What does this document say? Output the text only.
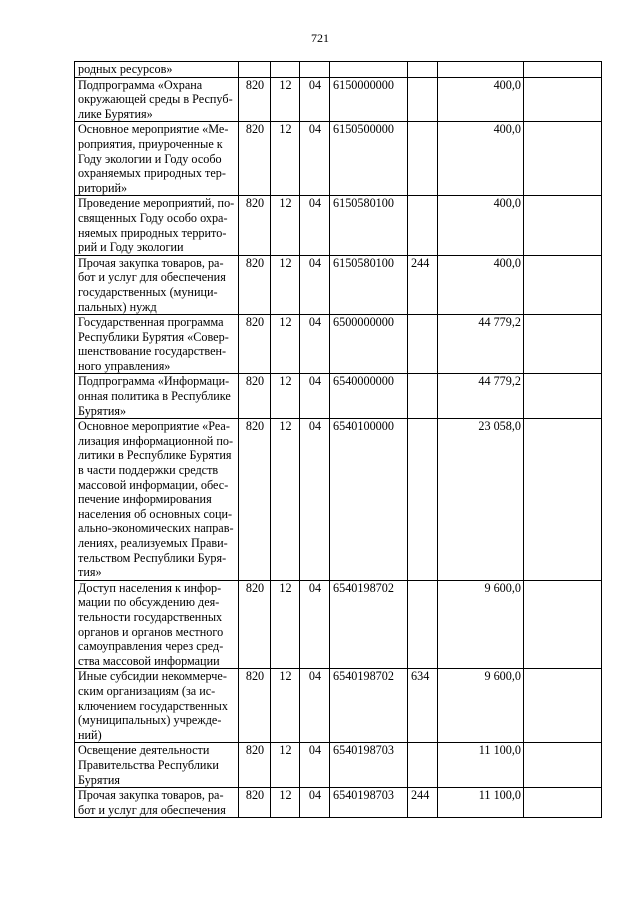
721
родных ресурсов»							
Подпрограмма «Охрана окружающей среды в Республике Бурятия»	820	12	04	6150000000		400,0	
Основное мероприятие «Мероприятия, приуроченные к Году экологии и Году особо охраняемых природных территорий»	820	12	04	6150500000		400,0	
Проведение мероприятий, посвященных Году особо охраняемых природных территорий и Году экологии	820	12	04	6150580100		400,0	
Прочая закупка товаров, работ и услуг для обеспечения государственных (муниципальных) нужд	820	12	04	6150580100	244	400,0	
Государственная программа Республики Бурятия «Совершенствование государственного управления»	820	12	04	6500000000		44 779,2	
Подпрограмма «Информационная политика в Республике Бурятия»	820	12	04	6540000000		44 779,2	
Основное мероприятие «Реализация информационной политики в Республике Бурятия в части поддержки средств массовой информации, обеспечение информирования населения об основных социально-экономических направлениях, реализуемых Правительством Республики Бурятия»	820	12	04	6540100000		23 058,0	
Доступ населения к информации по обсуждению деятельности государственных органов и органов местного самоуправления через средства массовой информации	820	12	04	6540198702		9 600,0	
Иные субсидии некоммерческим организациям (за исключением государственных (муниципальных) учреждений)	820	12	04	6540198702	634	9 600,0	
Освещение деятельности Правительства Республики Бурятия	820	12	04	6540198703		11 100,0	
Прочая закупка товаров, работ и услуг для обеспечения	820	12	04	6540198703	244	11 100,0	
